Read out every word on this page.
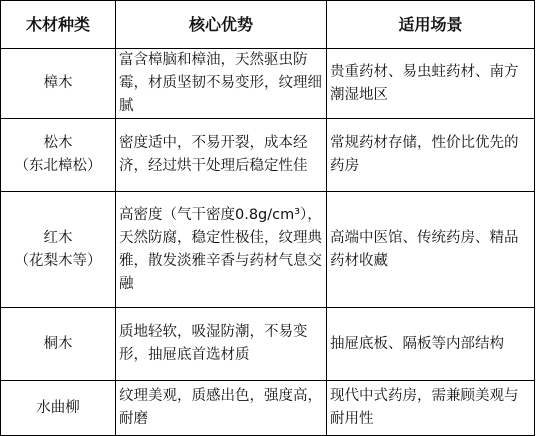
木材种类	核心优势	适用场景

樟木	富含樟脑和樟油，天然驱虫防霉，材质坚韧不易变形，纹理细腻	贵重药材、易虫蛀药材、南方潮湿地区

松木
（东北樟松）	密度适中，不易开裂，成本经济，经过烘干处理后稳定性佳	常规药材存储，性价比优先的药房

红木
（花梨木等）	高密度（气干密度0.8g/cm³），天然防腐，稳定性极佳，纹理典雅，散发淡雅辛香与药材气息交融	高端中医馆、传统药房、精品药材收藏

桐木	质地轻软，吸湿防潮，不易变形，抽屉底首选材质	抽屉底板、隔板等内部结构

水曲柳	纹理美观，质感出色，强度高，耐磨	现代中式药房，需兼顾美观与耐用性
